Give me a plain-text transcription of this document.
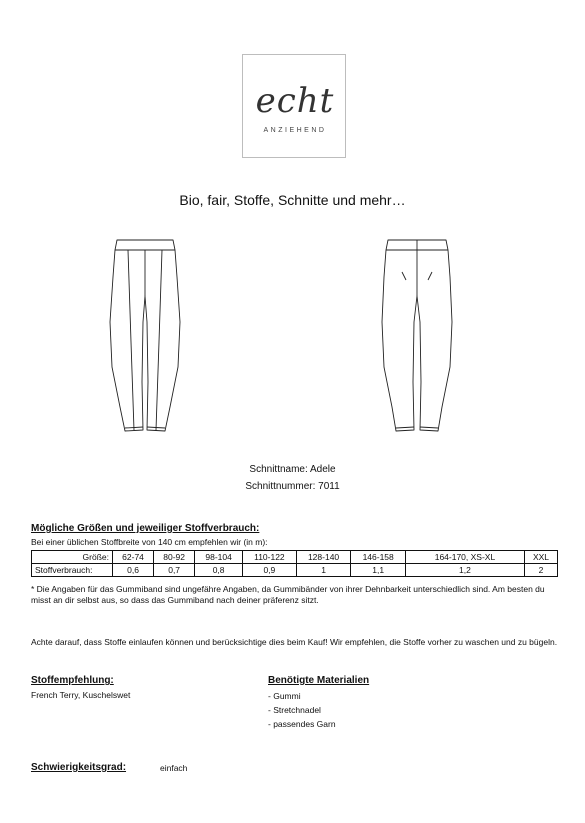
echt
ANZIEHEND
Bio, fair, Stoffe, Schnitte und mehr…
Schnittname: Adele
Schnittnummer: 7011
Mögliche Größen und jeweiliger Stoffverbrauch:
Bei einer üblichen Stoffbreite von 140 cm empfehlen wir (in m):
Größe:	62-74	80-92	98-104	110-122	128-140	146-158	164-170, XS-XL	XXL
Stoffverbrauch:	0,6	0,7	0,8	0,9	1	1,1	1,2	2
* Die Angaben für das Gummiband sind ungefähre Angaben, da Gummibänder von ihrer Dehnbarkeit unterschiedlich sind. Am besten du misst an dir selbst aus, so dass das Gummiband nach deiner präferenz sitzt.
Achte darauf, dass Stoffe einlaufen können und berücksichtige dies beim Kauf! Wir empfehlen, die Stoffe vorher zu waschen und zu bügeln.
Stoffempfehlung:
French Terry, Kuschelswet
Benötigte Materialien
- Gummi
- Stretchnadel
- passendes Garn
Schwierigkeitsgrad:	einfach
